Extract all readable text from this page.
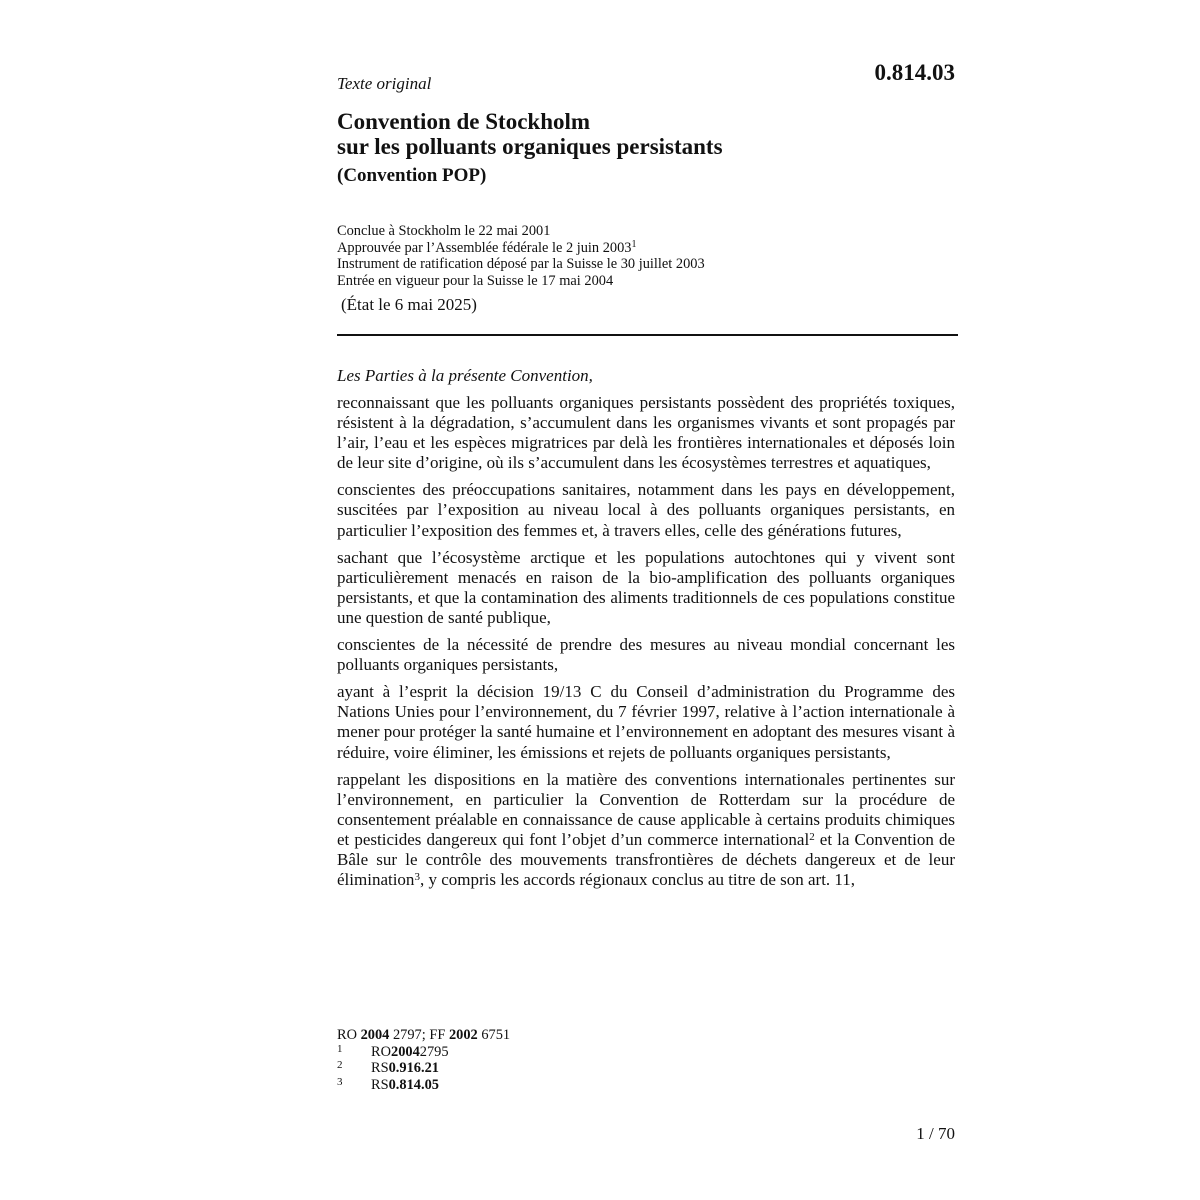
Texte original	0.814.03
Convention de Stockholm
sur les polluants organiques persistants
(Convention POP)
Conclue à Stockholm le 22 mai 2001
Approuvée par l’Assemblée fédérale le 2 juin 2003$^1$
Instrument de ratification déposé par la Suisse le 30 juillet 2003
Entrée en vigueur pour la Suisse le 17 mai 2004
(État le 6 mai 2025)
Les Parties à la présente Convention,

reconnaissant que les polluants organiques persistants possèdent des propriétés toxiques, résistent à la dégradation, s’accumulent dans les organismes vivants et sont propagés par l’air, l’eau et les espèces migratrices par delà les frontières internationales et déposés loin de leur site d’origine, où ils s’accumulent dans les écosystèmes terrestres et aquatiques,

conscientes des préoccupations sanitaires, notamment dans les pays en développement, suscitées par l’exposition au niveau local à des polluants organiques persistants, en particulier l’exposition des femmes et, à travers elles, celle des générations futures,

sachant que l’écosystème arctique et les populations autochtones qui y vivent sont particulièrement menacés en raison de la bio-amplification des polluants organiques persistants, et que la contamination des aliments traditionnels de ces populations constitue une question de santé publique,

conscientes de la nécessité de prendre des mesures au niveau mondial concernant les polluants organiques persistants,

ayant à l’esprit la décision 19/13 C du Conseil d’administration du Programme des Nations Unies pour l’environnement, du 7 février 1997, relative à l’action internationale à mener pour protéger la santé humaine et l’environnement en adoptant des mesures visant à réduire, voire éliminer, les émissions et rejets de polluants organiques persistants,

rappelant les dispositions en la matière des conventions internationales pertinentes sur l’environnement, en particulier la Convention de Rotterdam sur la procédure de consentement préalable en connaissance de cause applicable à certains produits chimiques et pesticides dangereux qui font l’objet d’un commerce international$^2$ et la Convention de Bâle sur le contrôle des mouvements transfrontières de déchets dangereux et de leur élimination$^3$, y compris les accords régionaux conclus au titre de son art. 11,

RO 2004 2797; FF 2002 6751
1	RO 2004 2795
2	RS 0.916.21
3	RS 0.814.05
1 / 70
